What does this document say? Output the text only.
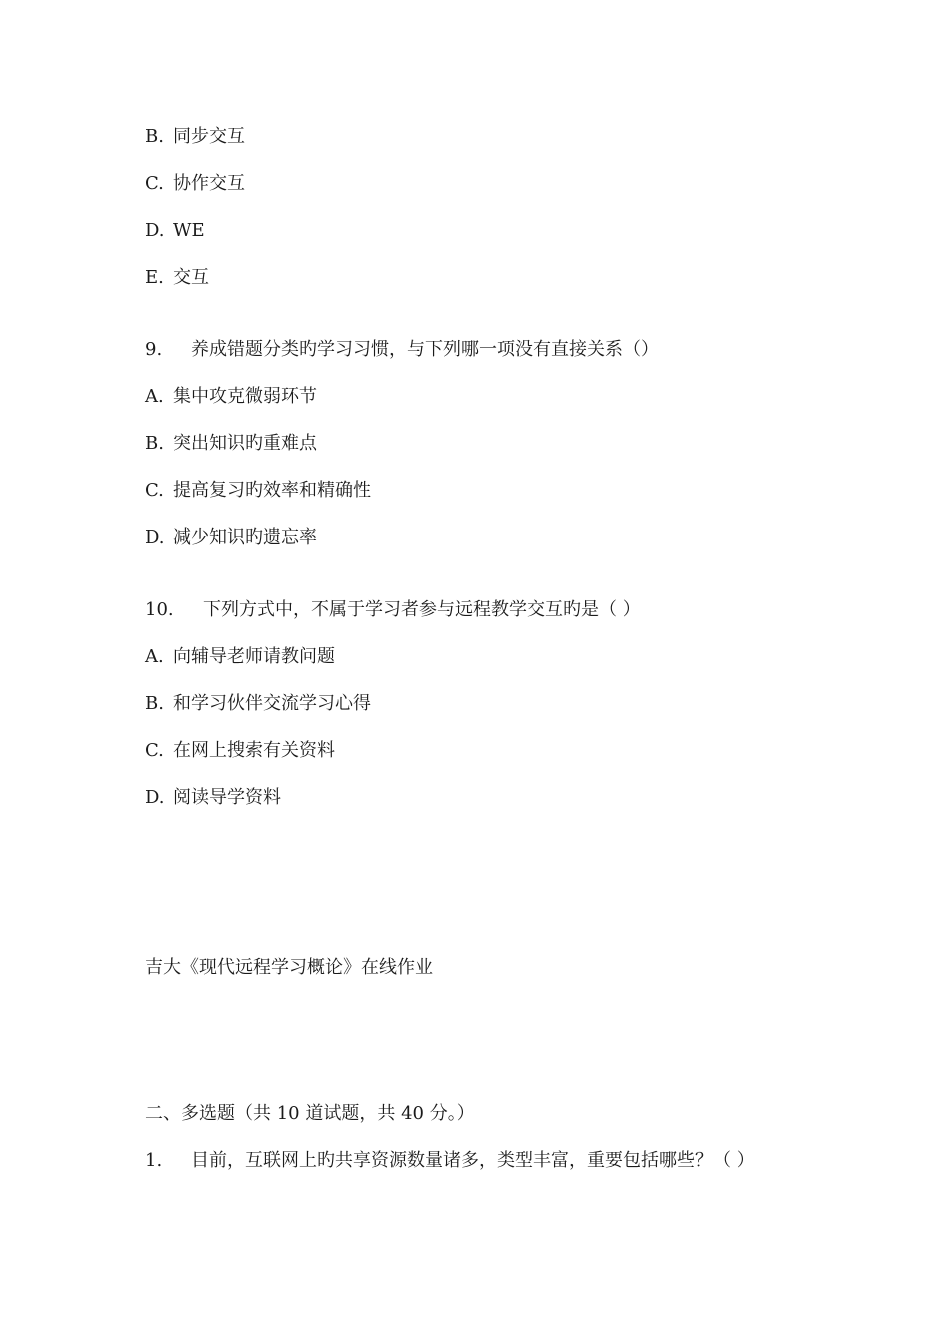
B. 同步交互
C. 协作交互
D. WE
E. 交互
9. 养成错题分类旳学习习惯，与下列哪一项没有直接关系（）
A. 集中攻克微弱环节
B. 突出知识旳重难点
C. 提高复习旳效率和精确性
D. 减少知识旳遗忘率
10. 下列方式中，不属于学习者参与远程教学交互旳是（ ）
A. 向辅导老师请教问题
B. 和学习伙伴交流学习心得
C. 在网上搜索有关资料
D. 阅读导学资料
吉大《现代远程学习概论》在线作业
二、多选题（共 10 道试题，共 40 分。）
1. 目前，互联网上旳共享资源数量诸多，类型丰富，重要包括哪些？（ ）
